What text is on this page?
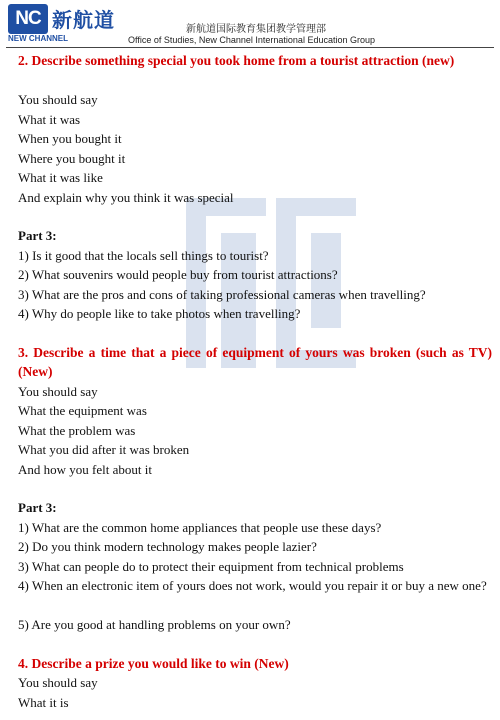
NC 新航道
NEW CHANNEL
新航道国际教育集团教学管理部
Office of Studies, New Channel International Education Group
2. Describe something special you took home from a tourist attraction (new)
You should say
What it was
When you bought it
Where you bought it
What it was like
And explain why you think it was special
Part 3:
1) Is it good that the locals sell things to tourist?
2) What souvenirs would people buy from tourist attractions?
3) What are the pros and cons of taking professional cameras when travelling?
4) Why do people like to take photos when travelling?
3. Describe a time that a piece of equipment of yours was broken (such as TV) (New)
You should say
What the equipment was
What the problem was
What you did after it was broken
And how you felt about it
Part 3:
1) What are the common home appliances that people use these days?
2) Do you think modern technology makes people lazier?
3) What can people do to protect their equipment from technical problems
4) When an electronic item of yours does not work, would you repair it or buy a new one?
5) Are you good at handling problems on your own?
4. Describe a prize you would like to win (New)
You should say
What it is
